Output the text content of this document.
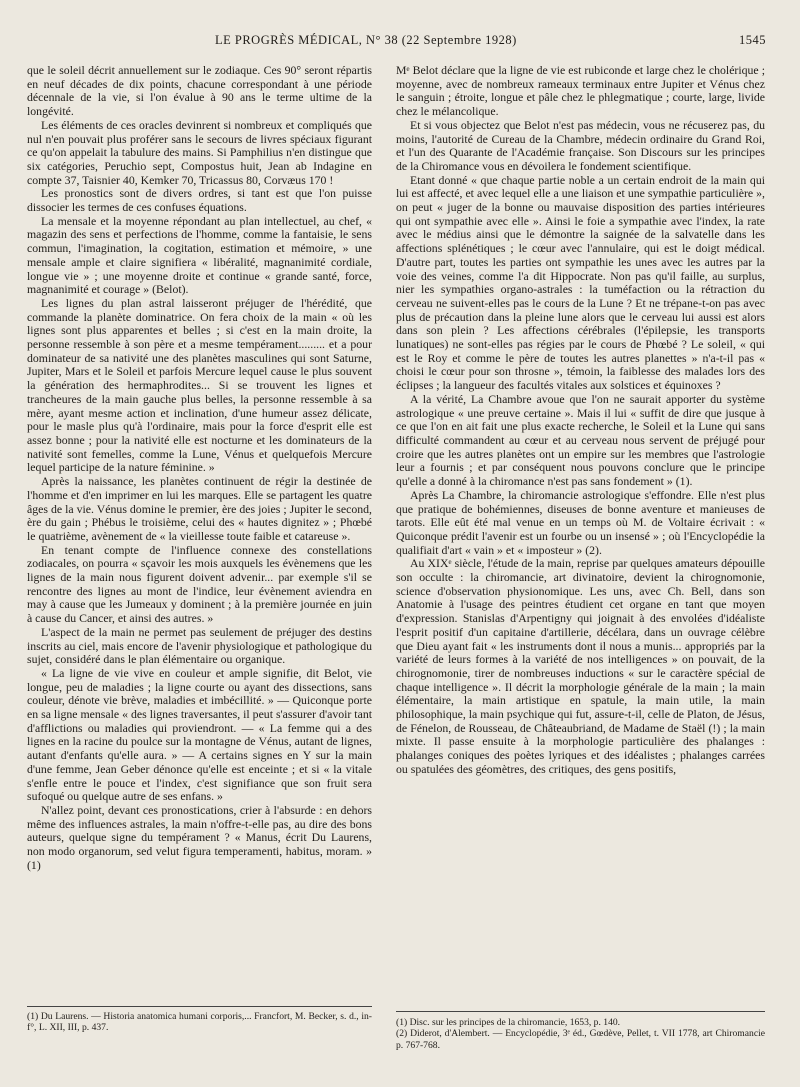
LE PROGRÈS MÉDICAL, N° 38 (22 Septembre 1928)	1545

que le soleil décrit annuellement sur le zodiaque. Ces 90° seront répartis en neuf décades de dix points, chacune correspondant à une période décennale de la vie, si l'on évalue à 90 ans le terme ultime de la longévité.

Les éléments de ces oracles devinrent si nombreux et compliqués que nul n'en pouvait plus proférer sans le secours de livres spéciaux figurant ce qu'on appelait la tabulure des mains. Si Pamphilius n'en distingue que six catégories, Peruchio sept, Compostus huit, Jean ab Indagine en compte 37, Taisnier 40, Kemker 70, Tricassus 80, Corvæus 170 !

Les pronostics sont de divers ordres, si tant est que l'on puisse dissocier les termes de ces confuses équations.

La mensale et la moyenne répondant au plan intellectuel, au chef, « magazin des sens et perfections de l'homme, comme la fantaisie, le sens commun, l'imagination, la cogitation, estimation et mémoire, » une mensale ample et claire signifiera « libéralité, magnanimité cordiale, longue vie » ; une moyenne droite et continue « grande santé, force, magnanimité et courage » (Belot).

Les lignes du plan astral laisseront préjuger de l'hérédité, que commande la planète dominatrice. On fera choix de la main « où les lignes sont plus apparentes et belles ; si c'est en la main droite, la personne ressemble à son père et a mesme tempérament......... et a pour dominateur de sa nativité une des planètes masculines qui sont Saturne, Jupiter, Mars et le Soleil et parfois Mercure lequel cause le plus souvent la génération des hermaphrodites... Si se trouvent les lignes et trancheures de la main gauche plus belles, la personne ressemble à sa mère, ayant mesme action et inclination, d'une humeur assez délicate, pour le masle plus qu'à l'ordinaire, mais pour la force d'esprit elle est assez bonne ; pour la nativité elle est nocturne et les dominateurs de la nativité sont femelles, comme la Lune, Vénus et quelquefois Mercure lequel participe de la nature féminine. »

Après la naissance, les planètes continuent de régir la destinée de l'homme et d'en imprimer en lui les marques. Elle se partagent les quatre âges de la vie. Vénus domine le premier, ère des joies ; Jupiter le second, ère du gain ; Phébus le troisième, celui des « hautes dignitez » ; Phœbé le quatrième, avènement de « la vieillesse toute faible et catareuse ».

En tenant compte de l'influence connexe des constellations zodiacales, on pourra « sçavoir les mois auxquels les évènemens que les lignes de la main nous figurent doivent advenir... par exemple s'il se rencontre des lignes au mont de l'indice, leur évènement aviendra en may à cause que les Jumeaux y dominent ; à la première journée en juin à cause du Cancer, et ainsi des autres. »

L'aspect de la main ne permet pas seulement de préjuger des destins inscrits au ciel, mais encore de l'avenir physiologique et pathologique du sujet, considéré dans le plan élémentaire ou organique.

« La ligne de vie vive en couleur et ample signifie, dit Belot, vie longue, peu de maladies ; la ligne courte ou ayant des dissections, sans couleur, dénote vie brève, maladies et imbécillité. » — Quiconque porte en sa ligne mensale « des lignes traversantes, il peut s'assurer d'avoir tant d'afflictions ou maladies qui proviendront. — « La femme qui a des lignes en la racine du poulce sur la montagne de Vénus, autant de lignes, autant d'enfants qu'elle aura. » — A certains signes en Y sur la main d'une femme, Jean Geber dénonce qu'elle est enceinte ; et si « la vitale s'enfle entre le pouce et l'index, c'est signifiance que son fruit sera sufoqué ou quelque autre de ses enfans. »

N'allez point, devant ces pronostications, crier à l'absurde : en dehors même des influences astrales, la main n'offre-t-elle pas, au dire des bons auteurs, quelque signe du tempérament ? « Manus, écrit Du Laurens, non modo organorum, sed velut figura temperamenti, habitus, moram. » (1)

Mᵉ Belot déclare que la ligne de vie est rubiconde et large chez le cholérique ; moyenne, avec de nombreux rameaux terminaux entre Jupiter et Vénus chez le sanguin ; étroite, longue et pâle chez le phlegmatique ; courte, large, livide chez le mélancolique.

Et si vous objectez que Belot n'est pas médecin, vous ne récuserez pas, du moins, l'autorité de Cureau de la Chambre, médecin ordinaire du Grand Roi, et l'un des Quarante de l'Académie française. Son Discours sur les principes de la Chiromance vous en dévoilera le fondement scientifique.

Etant donné « que chaque partie noble a un certain endroit de la main qui lui est affecté, et avec lequel elle a une liaison et une sympathie particulière », on peut « juger de la bonne ou mauvaise disposition des parties intérieures qui ont sympathie avec elle ». Ainsi le foie a sympathie avec l'index, la rate avec le médius ainsi que le démontre la saignée de la salvatelle dans les affections splénétiques ; le cœur avec l'annulaire, qui est le doigt médical. D'autre part, toutes les parties ont sympathie les unes avec les autres par la voie des veines, comme l'a dit Hippocrate. Non pas qu'il faille, au surplus, nier les sympathies organo-astrales : la tuméfaction ou la rétraction du cerveau ne suivent-elles pas le cours de la Lune ? Et ne trépane-t-on pas avec plus de précaution dans la pleine lune alors que le cerveau lui aussi est alors dans son plein ? Les affections cérébrales (l'épilepsie, les transports lunatiques) ne sont-elles pas régies par le cours de Phœbé ? Le soleil, « qui est le Roy et comme le père de toutes les autres planettes » n'a-t-il pas « choisi le cœur pour son throsne », témoin, la faiblesse des malades lors des éclipses ; la langueur des facultés vitales aux solstices et équinoxes ?

A la vérité, La Chambre avoue que l'on ne saurait apporter du système astrologique « une preuve certaine ». Mais il lui « suffit de dire que jusque à ce que l'on en ait fait une plus exacte recherche, le Soleil et la Lune qui sans difficulté commandent au cœur et au cerveau nous servent de préjugé pour croire que les autres planètes ont un empire sur les membres que l'astrologie leur a fournis ; et par conséquent nous pouvons conclure que le principe qu'elle a donné à la chiromance n'est pas sans fondement » (1).

Après La Chambre, la chiromancie astrologique s'effondre. Elle n'est plus que pratique de bohémiennes, diseuses de bonne aventure et manieuses de tarots. Elle eût été mal venue en un temps où M. de Voltaire écrivait : « Quiconque prédit l'avenir est un fourbe ou un insensé » ; où l'Encyclopédie la qualifiait d'art « vain » et « imposteur » (2).

Au XIXᵉ siècle, l'étude de la main, reprise par quelques amateurs dépouille son occulte : la chiromancie, art divinatoire, devient la chirognomonie, science d'observation physionomique. Les uns, avec Ch. Bell, dans son Anatomie à l'usage des peintres étudient cet organe en tant que moyen d'expression. Stanislas d'Arpentigny qui joignait à des envolées d'idéaliste l'esprit positif d'un capitaine d'artillerie, décélara, dans un ouvrage célèbre que Dieu ayant fait « les instruments dont il nous a munis... appropriés par la variété de leurs formes à la variété de nos intelligences » on pouvait, de la chirognomonie, tirer de nombreuses inductions « sur le caractère spécial de chaque intelligence ». Il décrit la morphologie générale de la main ; la main élémentaire, la main artistique en spatule, la main utile, la main philosophique, la main psychique qui fut, assure-t-il, celle de Platon, de Jésus, de Fénelon, de Rousseau, de Châteaubriand, de Madame de Staël (!) ; la main mixte. Il passe ensuite à la morphologie particulière des phalanges : phalanges coniques des poètes lyriques et des idéalistes ; phalanges carrées ou spatulées des géomètres, des critiques, des gens positifs,

(1) Du Laurens. — Historia anatomica humani corporis,... Francfort, M. Becker, s. d., in-f°, L. XII, III, p. 437.	(1) Disc. sur les principes de la chiromancie, 1653, p. 140.

(2) Diderot, d'Alembert. — Encyclopédie, 3ᵉ éd., Gœdève, Pellet, t. VII 1778, art Chiromancie p. 767-768.
